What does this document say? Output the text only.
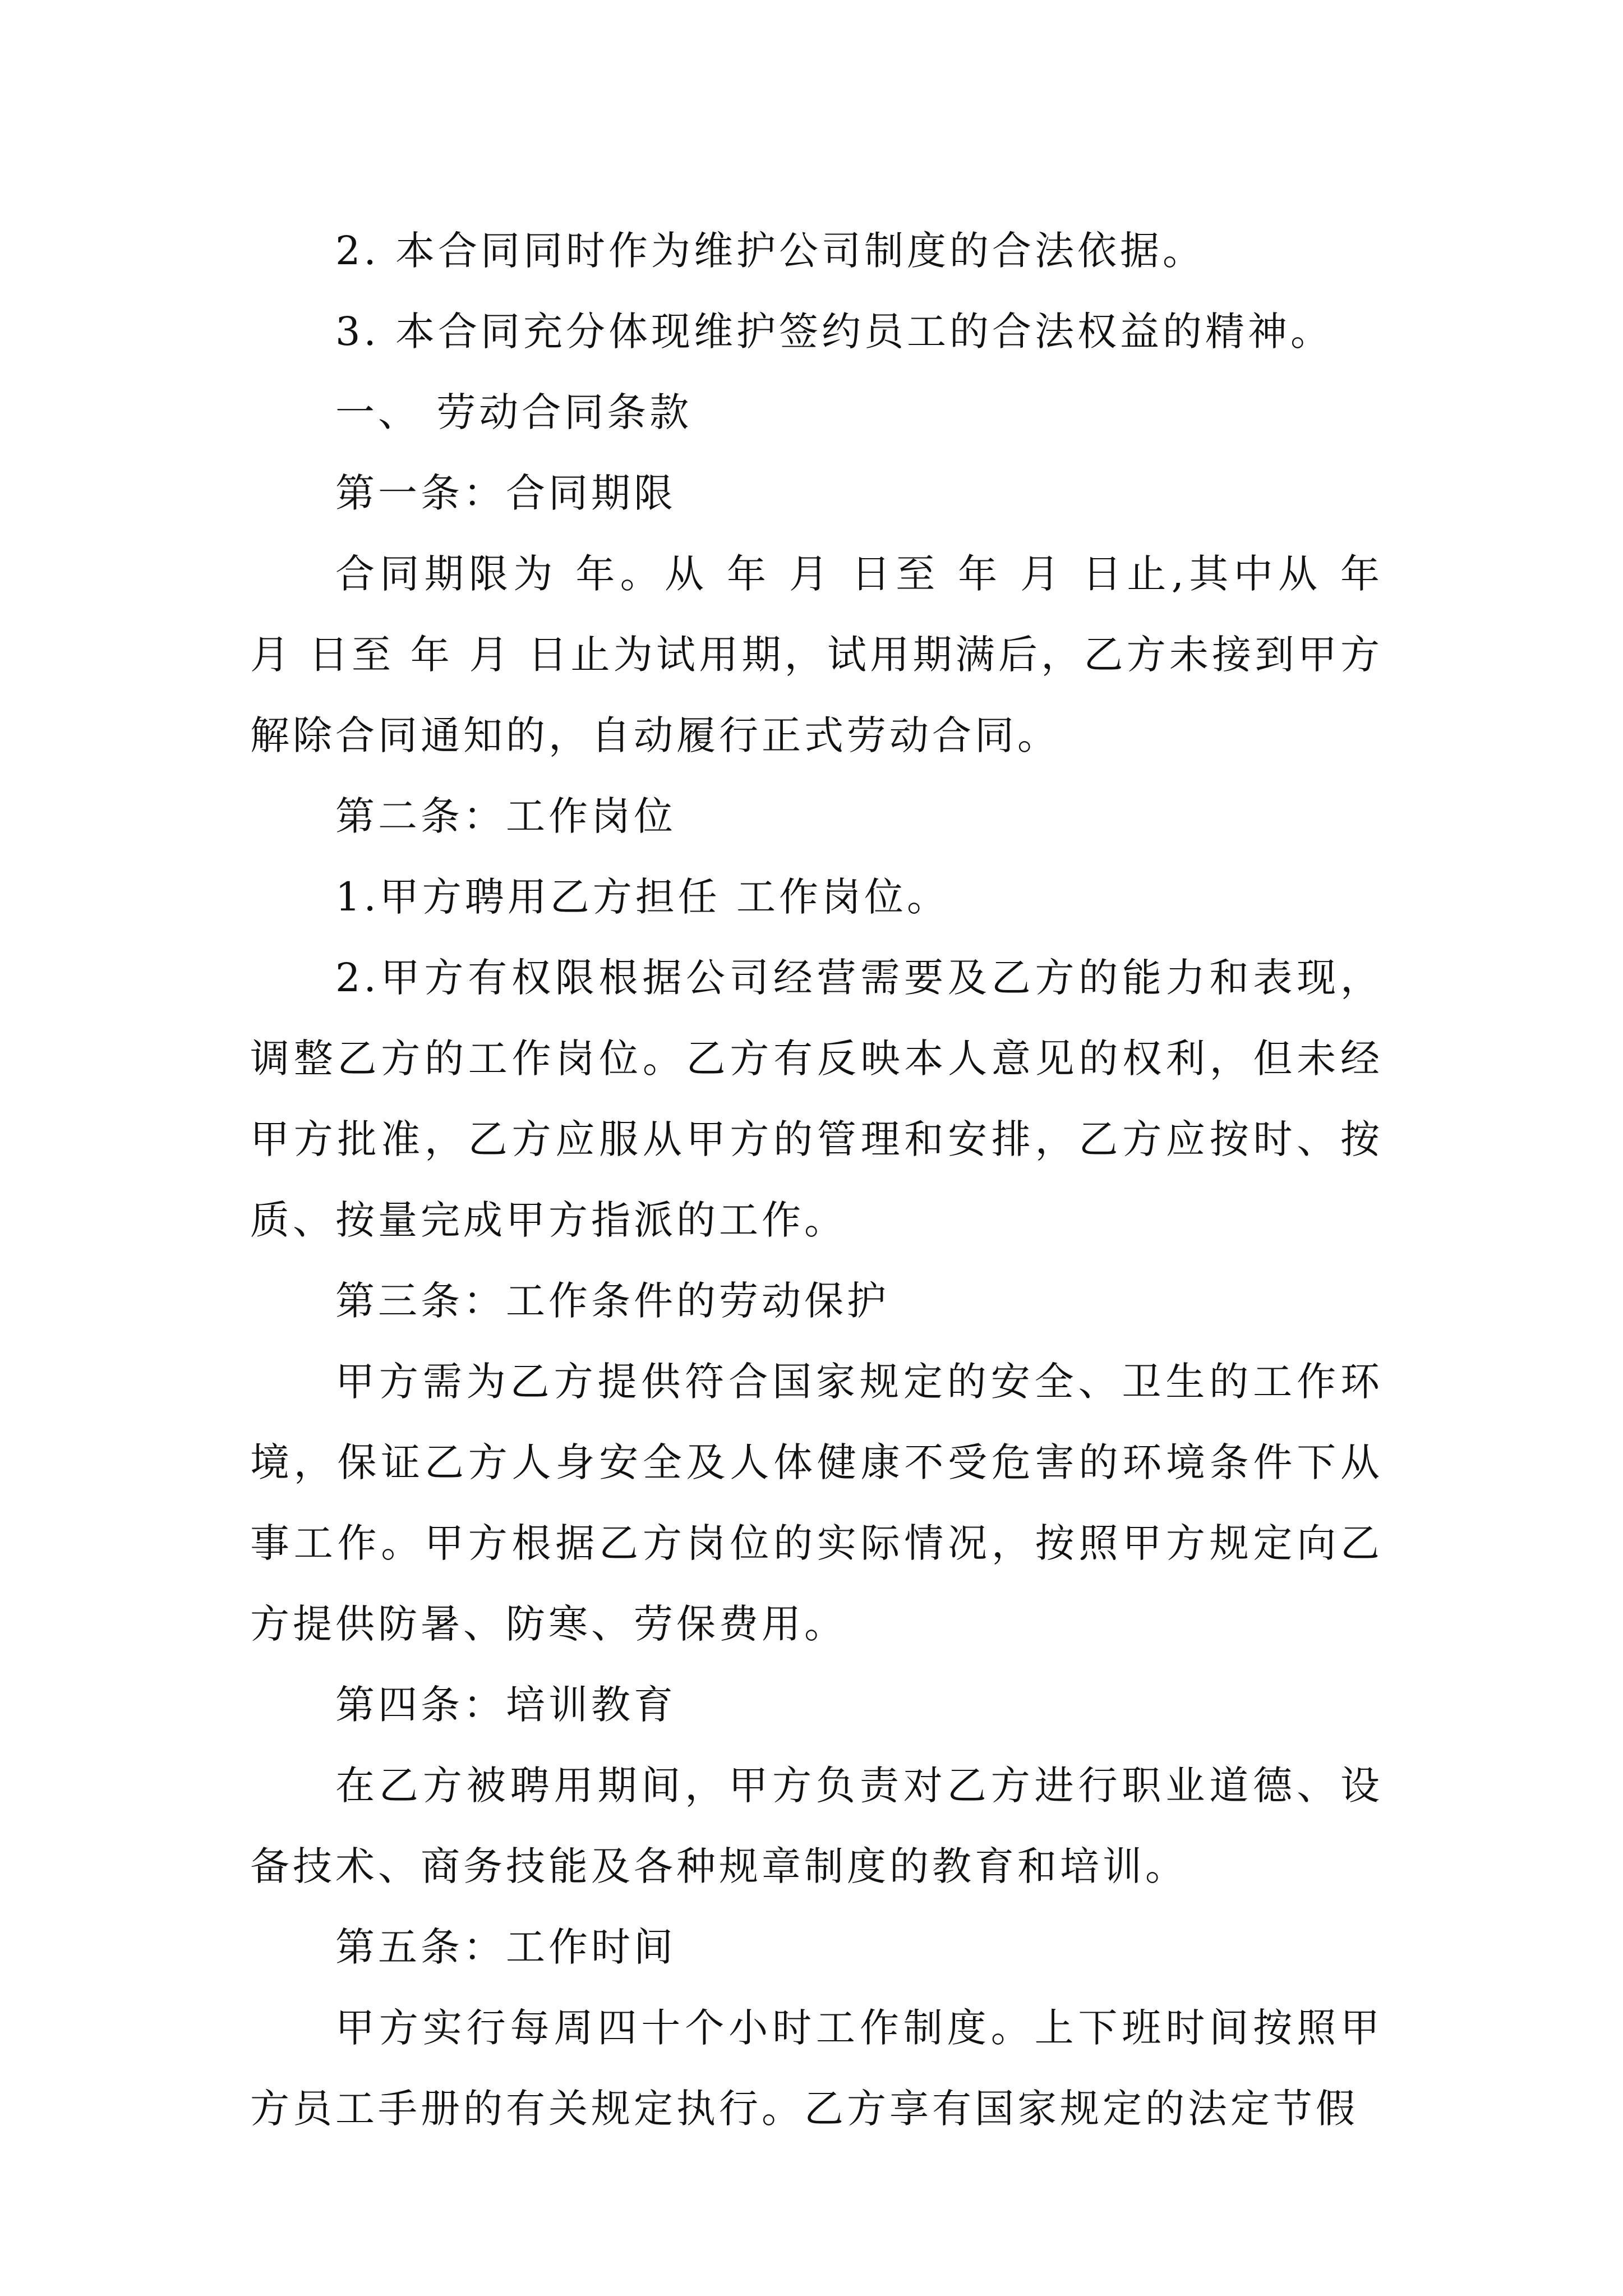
2. 本合同同时作为维护公司制度的合法依据。

3. 本合同充分体现维护签约员工的合法权益的精神。

一、 劳动合同条款

第一条：合同期限

合同期限为 年。从 年 月 日至 年 月 日止,其中从 年 月 日至 年 月 日止为试用期，试用期满后，乙方未接到甲方解除合同通知的，自动履行正式劳动合同。

第二条：工作岗位

1.甲方聘用乙方担任 工作岗位。

2.甲方有权限根据公司经营需要及乙方的能力和表现，调整乙方的工作岗位。乙方有反映本人意见的权利，但未经甲方批准，乙方应服从甲方的管理和安排，乙方应按时、按质、按量完成甲方指派的工作。

第三条：工作条件的劳动保护

甲方需为乙方提供符合国家规定的安全、卫生的工作环境，保证乙方人身安全及人体健康不受危害的环境条件下从事工作。甲方根据乙方岗位的实际情况，按照甲方规定向乙方提供防暑、防寒、劳保费用。

第四条：培训教育

在乙方被聘用期间，甲方负责对乙方进行职业道德、设备技术、商务技能及各种规章制度的教育和培训。

第五条：工作时间

甲方实行每周四十个小时工作制度。上下班时间按照甲方员工手册的有关规定执行。乙方享有国家规定的法定节假
